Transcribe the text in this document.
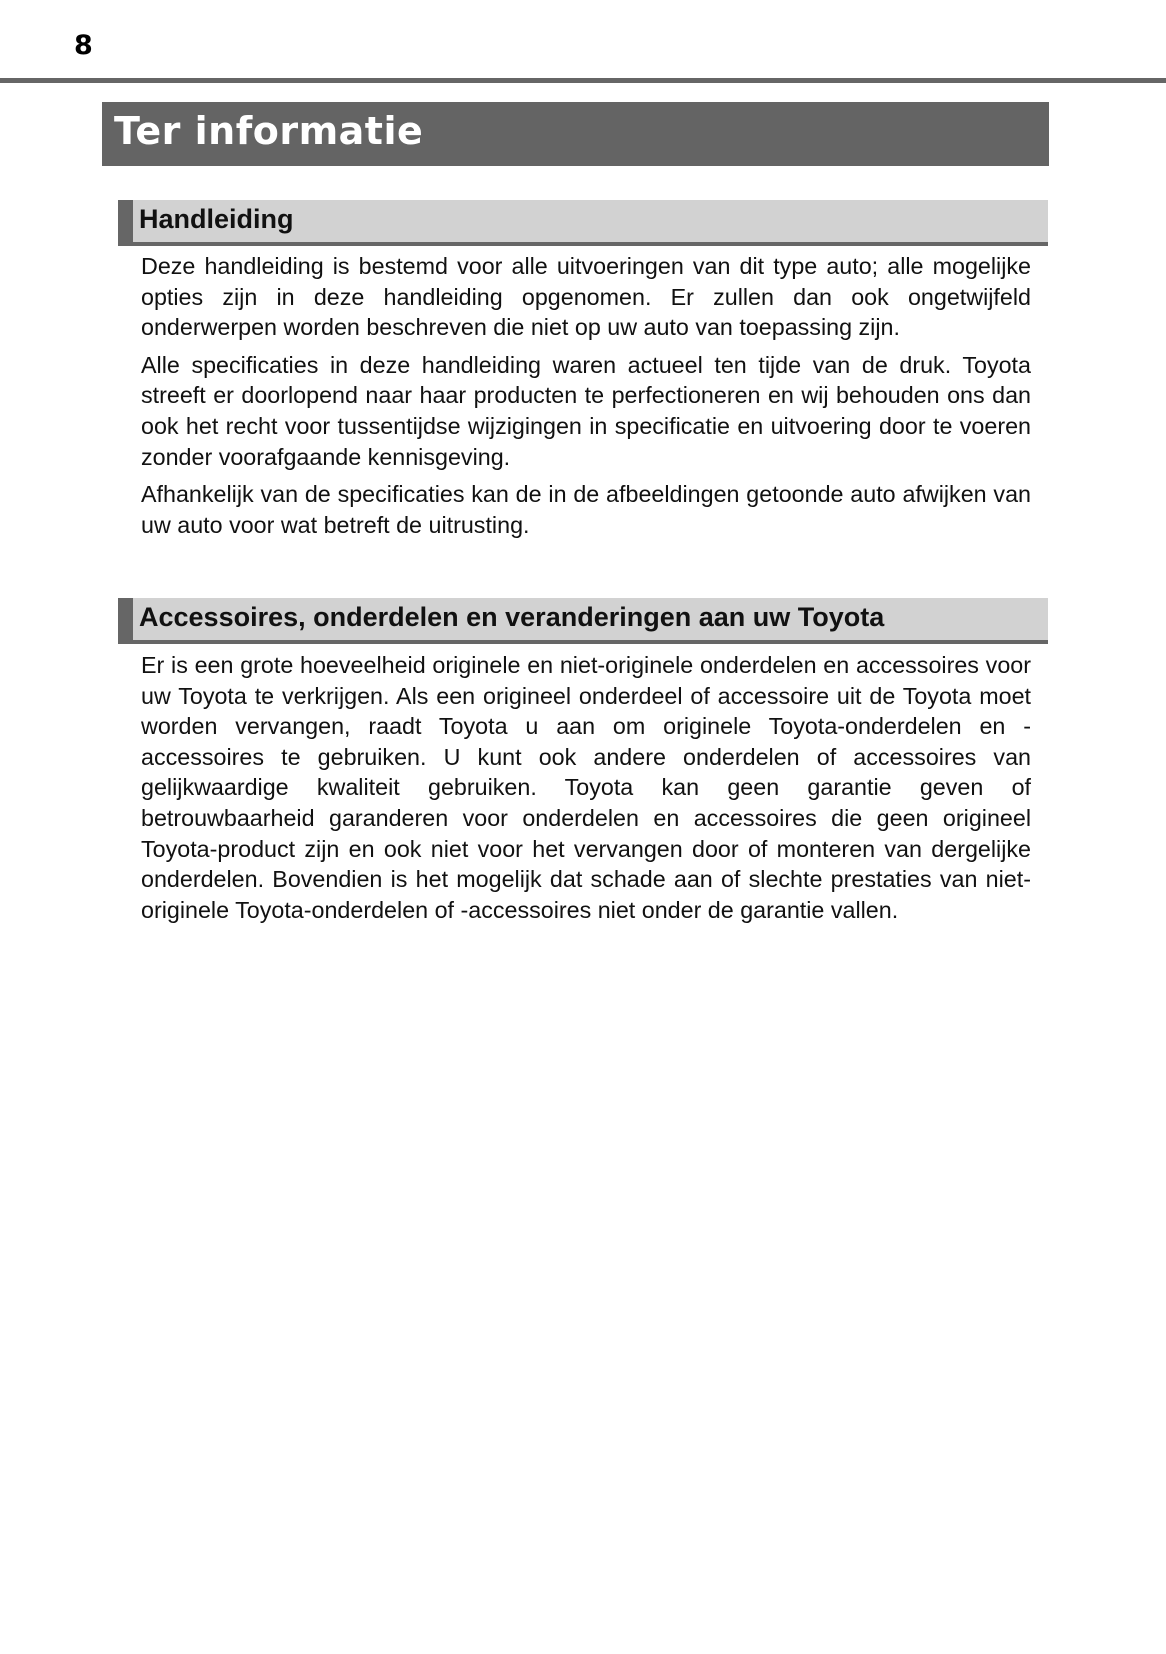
8
Ter informatie
Handleiding

Deze handleiding is bestemd voor alle uitvoeringen van dit type auto; alle mogelijke opties zijn in deze handleiding opgenomen. Er zullen dan ook ongetwijfeld onderwerpen worden beschreven die niet op uw auto van toepassing zijn.

Alle specificaties in deze handleiding waren actueel ten tijde van de druk. Toyota streeft er doorlopend naar haar producten te perfectioneren en wij behouden ons dan ook het recht voor tussentijdse wijzigingen in specificatie en uitvoering door te voeren zonder voorafgaande kennisgeving.

Afhankelijk van de specificaties kan de in de afbeeldingen getoonde auto afwijken van uw auto voor wat betreft de uitrusting.

Accessoires, onderdelen en veranderingen aan uw Toyota

Er is een grote hoeveelheid originele en niet-originele onderdelen en accessoires voor uw Toyota te verkrijgen. Als een origineel onderdeel of accessoire uit de Toyota moet worden vervangen, raadt Toyota u aan om originele Toyota-onderdelen en -accessoires te gebruiken. U kunt ook andere onderdelen of accessoires van gelijkwaardige kwaliteit gebruiken. Toyota kan geen garantie geven of betrouwbaarheid garanderen voor onderdelen en accessoires die geen origineel Toyota-product zijn en ook niet voor het vervangen door of monteren van dergelijke onderdelen. Bovendien is het mogelijk dat schade aan of slechte prestaties van niet-originele Toyota-onderdelen of -accessoires niet onder de garantie vallen.
